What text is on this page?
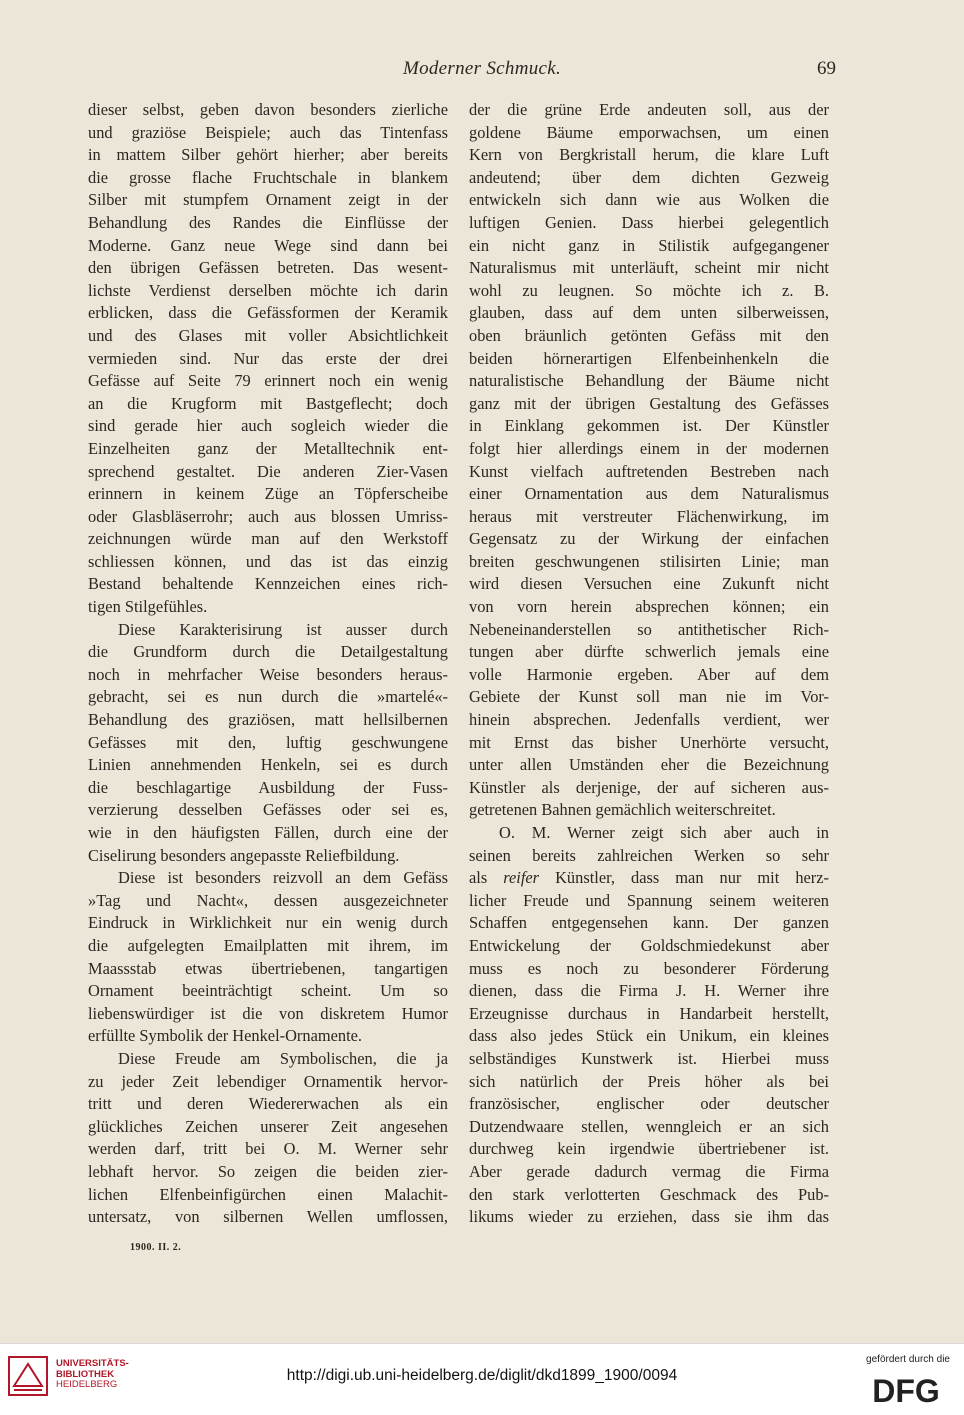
Moderner Schmuck.	69
dieser selbst, geben davon besonders zierliche
und graziöse Beispiele; auch das Tintenfass
in mattem Silber gehört hierher; aber bereits
die grosse flache Fruchtschale in blankem
Silber mit stumpfem Ornament zeigt in der
Behandlung des Randes die Einflüsse der
Moderne. Ganz neue Wege sind dann bei
den übrigen Gefässen betreten. Das wesent-
lichste Verdienst derselben möchte ich darin
erblicken, dass die Gefässformen der Keramik
und des Glases mit voller Absichtlichkeit
vermieden sind. Nur das erste der drei
Gefässe auf Seite 79 erinnert noch ein wenig
an die Krugform mit Bastgeflecht; doch
sind gerade hier auch sogleich wieder die
Einzelheiten ganz der Metalltechnik ent-
sprechend gestaltet. Die anderen Zier-Vasen
erinnern in keinem Züge an Töpferscheibe
oder Glasbläserrohr; auch aus blossen Umriss-
zeichnungen würde man auf den Werkstoff
schliessen können, und das ist das einzig
Bestand behaltende Kennzeichen eines rich-
tigen Stilgefühles.
Diese Karakterisirung ist ausser durch
die Grundform durch die Detailgestaltung
noch in mehrfacher Weise besonders heraus-
gebracht, sei es nun durch die »martelé«-
Behandlung des graziösen, matt hellsilbernen
Gefässes mit den, luftig geschwungene
Linien annehmenden Henkeln, sei es durch
die beschlagartige Ausbildung der Fuss-
verzierung desselben Gefässes oder sei es,
wie in den häufigsten Fällen, durch eine der
Ciselirung besonders angepasste Reliefbildung.
Diese ist besonders reizvoll an dem Gefäss
»Tag und Nacht«, dessen ausgezeichneter
Eindruck in Wirklichkeit nur ein wenig durch
die aufgelegten Emailplatten mit ihrem, im
Maassstab etwas übertriebenen, tangartigen
Ornament beeinträchtigt scheint. Um so
liebenswürdiger ist die von diskretem Humor
erfüllte Symbolik der Henkel-Ornamente.
Diese Freude am Symbolischen, die ja
zu jeder Zeit lebendiger Ornamentik hervor-
tritt und deren Wiedererwachen als ein
glückliches Zeichen unserer Zeit angesehen
werden darf, tritt bei O. M. Werner sehr
lebhaft hervor. So zeigen die beiden zier-
lichen Elfenbeinfigürchen einen Malachit-
untersatz, von silbernen Wellen umflossen,
der die grüne Erde andeuten soll, aus der
goldene Bäume emporwachsen, um einen
Kern von Bergkristall herum, die klare Luft
andeutend; über dem dichten Gezweig
entwickeln sich dann wie aus Wolken die
luftigen Genien. Dass hierbei gelegentlich
ein nicht ganz in Stilistik aufgegangener
Naturalismus mit unterläuft, scheint mir nicht
wohl zu leugnen. So möchte ich z. B.
glauben, dass auf dem unten silberweissen,
oben bräunlich getönten Gefäss mit den
beiden hörnerartigen Elfenbeinhenkeln die
naturalistische Behandlung der Bäume nicht
ganz mit der übrigen Gestaltung des Gefässes
in Einklang gekommen ist. Der Künstler
folgt hier allerdings einem in der modernen
Kunst vielfach auftretenden Bestreben nach
einer Ornamentation aus dem Naturalismus
heraus mit verstreuter Flächenwirkung, im
Gegensatz zu der Wirkung der einfachen
breiten geschwungenen stilisirten Linie; man
wird diesen Versuchen eine Zukunft nicht
von vorn herein absprechen können; ein
Nebeneinanderstellen so antithetischer Rich-
tungen aber dürfte schwerlich jemals eine
volle Harmonie ergeben. Aber auf dem
Gebiete der Kunst soll man nie im Vor-
hinein absprechen. Jedenfalls verdient, wer
mit Ernst das bisher Unerhörte versucht,
unter allen Umständen eher die Bezeichnung
Künstler als derjenige, der auf sicheren aus-
getretenen Bahnen gemächlich weiterschreitet.
O. M. Werner zeigt sich aber auch in
seinen bereits zahlreichen Werken so sehr
als reifer Künstler, dass man nur mit herz-
licher Freude und Spannung seinem weiteren
Schaffen entgegensehen kann. Der ganzen
Entwickelung der Goldschmiedekunst aber
muss es noch zu besonderer Förderung
dienen, dass die Firma J. H. Werner ihre
Erzeugnisse durchaus in Handarbeit herstellt,
dass also jedes Stück ein Unikum, ein kleines
selbständiges Kunstwerk ist. Hierbei muss
sich natürlich der Preis höher als bei
französischer, englischer oder deutscher
Dutzendwaare stellen, wenngleich er an sich
durchweg kein irgendwie übertriebener ist.
Aber gerade dadurch vermag die Firma
den stark verlotterten Geschmack des Pub-
likums wieder zu erziehen, dass sie ihm das
1900. II. 2.
UNIVERSITÄTS-
BIBLIOTHEK
HEIDELBERG
http://digi.ub.uni-heidelberg.de/diglit/dkd1899_1900/0094
gefördert durch die
DFG
